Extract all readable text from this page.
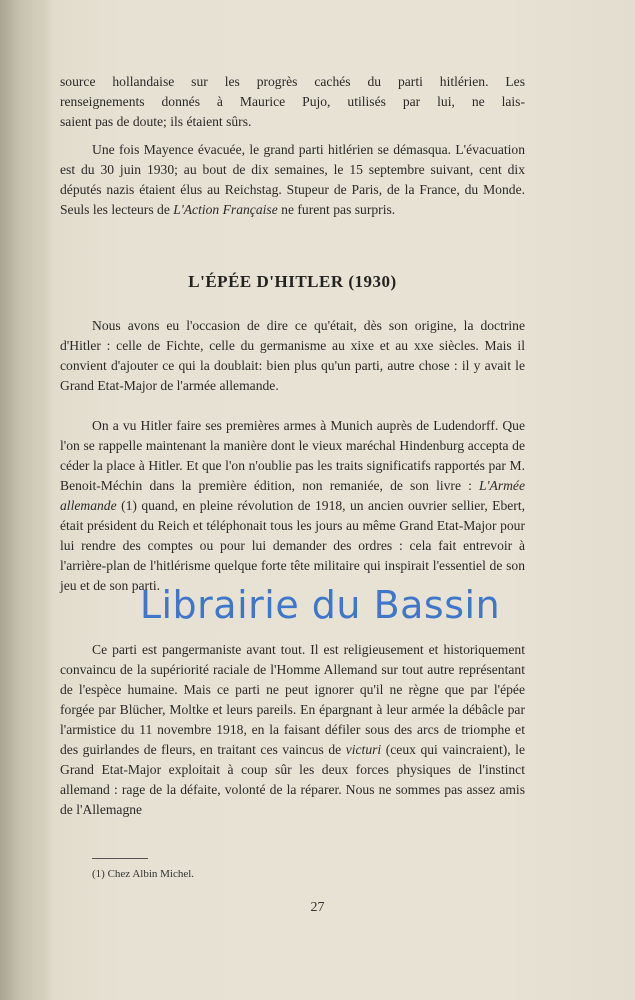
source hollandaise sur les progrès cachés du parti hitlérien. Les
renseignements donnés à Maurice Pujo, utilisés par lui, ne lais-
saient pas de doute; ils étaient sûrs.

Une fois Mayence évacuée, le grand parti hitlérien se démasqua. L'évacuation est du 30 juin 1930; au bout de dix semaines, le 15 septembre suivant, cent dix députés nazis étaient élus au Reichstag. Stupeur de Paris, de la France, du Monde. Seuls les lecteurs de L'Action Française ne furent pas surpris.

L'ÉPÉE D'HITLER (1930)

Nous avons eu l'occasion de dire ce qu'était, dès son origine, la doctrine d'Hitler : celle de Fichte, celle du germanisme au xixe et au xxe siècles. Mais il convient d'ajouter ce qui la doublait: bien plus qu'un parti, autre chose : il y avait le Grand Etat-Major de l'armée allemande.

On a vu Hitler faire ses premières armes à Munich auprès de Ludendorff. Que l'on se rappelle maintenant la manière dont le vieux maréchal Hindenburg accepta de céder la place à Hitler. Et que l'on n'oublie pas les traits significatifs rapportés par M. Benoit-Méchin dans la première édition, non remaniée, de son livre : L'Armée allemande (1) quand, en pleine révolution de 1918, un ancien ouvrier sellier, Ebert, était président du Reich et téléphonait tous les jours au même Grand Etat-Major pour lui rendre des comptes ou pour lui demander des ordres : cela fait entrevoir à l'arrière-plan de l'hitlérisme quelque forte tête militaire qui inspirait l'essentiel de son jeu et de son parti.

Ce parti est pangermaniste avant tout. Il est religieusement et historiquement convaincu de la supériorité raciale de l'Homme Allemand sur tout autre représentant de l'espèce humaine. Mais ce parti ne peut ignorer qu'il ne règne que par l'épée forgée par Blücher, Moltke et leurs pareils. En épargnant à leur armée la débâcle par l'armistice du 11 novembre 1918, en la faisant défiler sous des arcs de triomphe et des guirlandes de fleurs, en traitant ces vaincus de victuri (ceux qui vaincraient), le Grand Etat-Major exploitait à coup sûr les deux forces physiques de l'instinct allemand : rage de la défaite, volonté de la réparer. Nous ne sommes pas assez amis de l'Allemagne

(1) Chez Albin Michel.
27
Librairie du Bassin
